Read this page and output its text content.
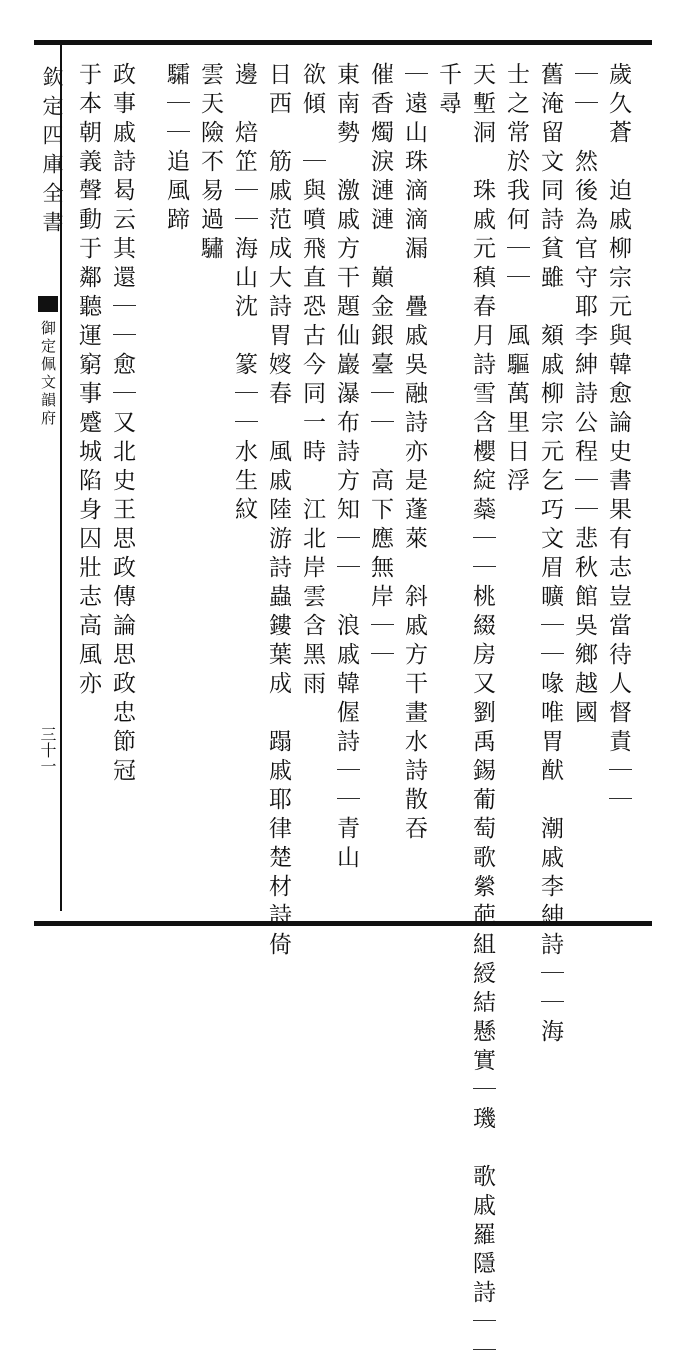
欽定四庫全書
御定佩文韻府
三十一	歲久蒼　迫戚柳宗元與韓愈論史書果有志豈當待人督責｜｜
｜｜　然後為官守耶李紳詩公程｜｜悲秋館吳鄉越國
舊淹留文同詩貧雖　頦戚柳宗元乞巧文眉曠｜｜喙唯胃猷　潮戚李紳詩｜｜海
士之常於我何｜｜　風驅萬里日浮
天塹洞　珠戚元稹春月詩雪含櫻綻蘂｜｜桃綴房又劉禹錫葡萄歌縈葩組綬結懸實｜璣　歌戚羅隱詩｜｜
千尋
｜遠山珠滴滴漏　疊戚吳融詩亦是蓬萊　斜戚方干畫水詩散吞
催香燭淚漣漣　巔金銀臺｜｜　高下應無岸｜｜
東南勢　激戚方干題仙巖瀑布詩方知｜｜　浪戚韓偓詩｜｜青山
欲傾　｜與噴飛直恐古今同一時　江北岸雲含黑雨
日西　筋戚范成大詩胃㛮春　風戚陸游詩蟲鏤葉成　蹋戚耶律楚材詩倚
邊　焙䇛｜｜海山沈　篆｜｜水生紋
雲天險不易過驌
驦｜｜追風蹄
政事戚詩曷云其還｜｜愈｜又北史王思政傳論思政忠節冠
于本朝義聲動于鄰聽運窮事蹙城陷身囚壯志高風亦
